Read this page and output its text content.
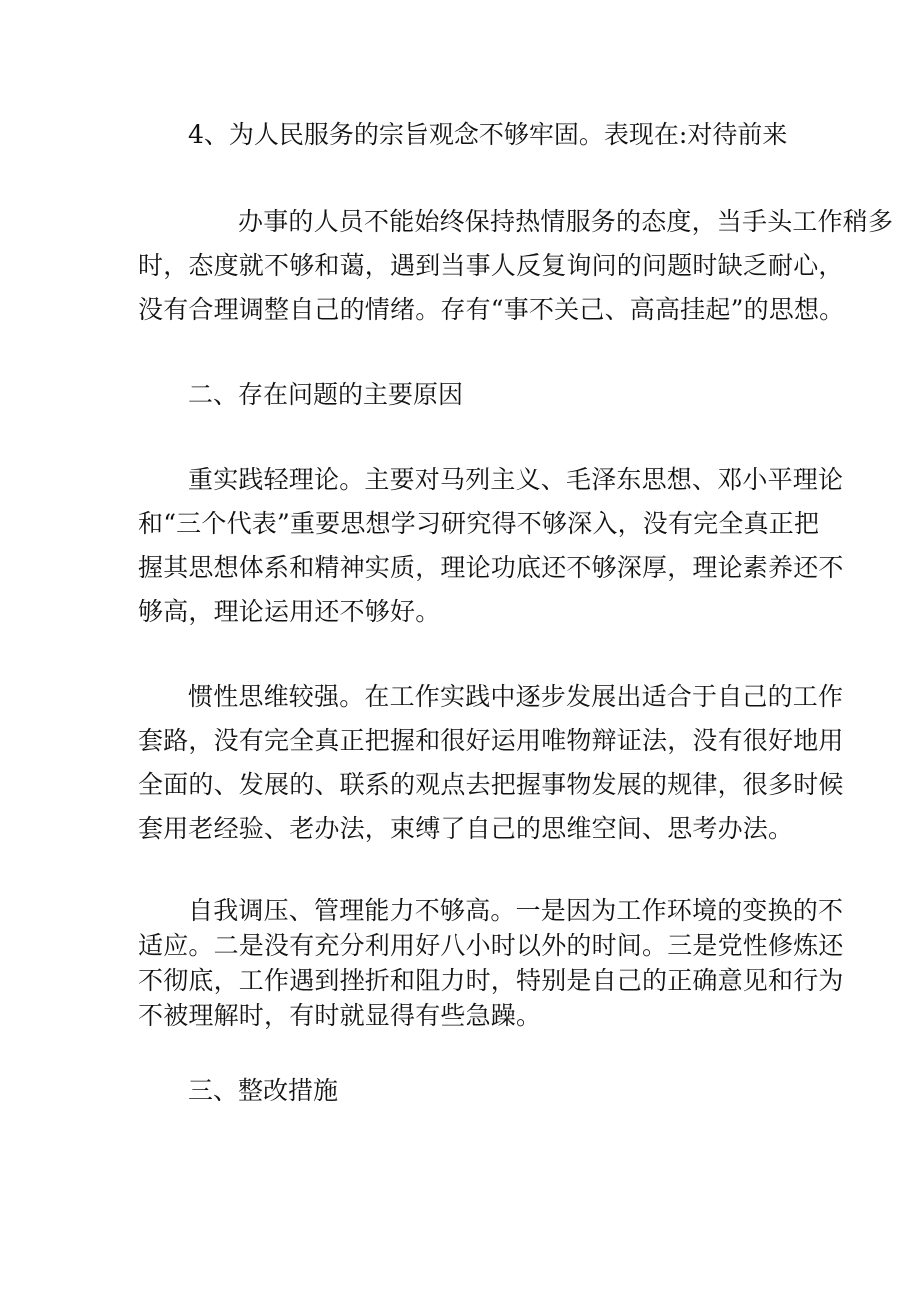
4、为人民服务的宗旨观念不够牢固。表现在:对待前来

办事的人员不能始终保持热情服务的态度，当手头工作稍多
时，态度就不够和蔼，遇到当事人反复询问的问题时缺乏耐心，
没有合理调整自己的情绪。存有“事不关己、高高挂起”的思想。

二、存在问题的主要原因

重实践轻理论。主要对马列主义、毛泽东思想、邓小平理论
和“三个代表”重要思想学习研究得不够深入，没有完全真正把
握其思想体系和精神实质，理论功底还不够深厚，理论素养还不
够高，理论运用还不够好。

惯性思维较强。在工作实践中逐步发展出适合于自己的工作
套路，没有完全真正把握和很好运用唯物辩证法，没有很好地用
全面的、发展的、联系的观点去把握事物发展的规律，很多时候
套用老经验、老办法，束缚了自己的思维空间、思考办法。

自我调压、管理能力不够高。一是因为工作环境的变换的不
适应。二是没有充分利用好八小时以外的时间。三是党性修炼还
不彻底，工作遇到挫折和阻力时，特别是自己的正确意见和行为
不被理解时，有时就显得有些急躁。

三、整改措施
